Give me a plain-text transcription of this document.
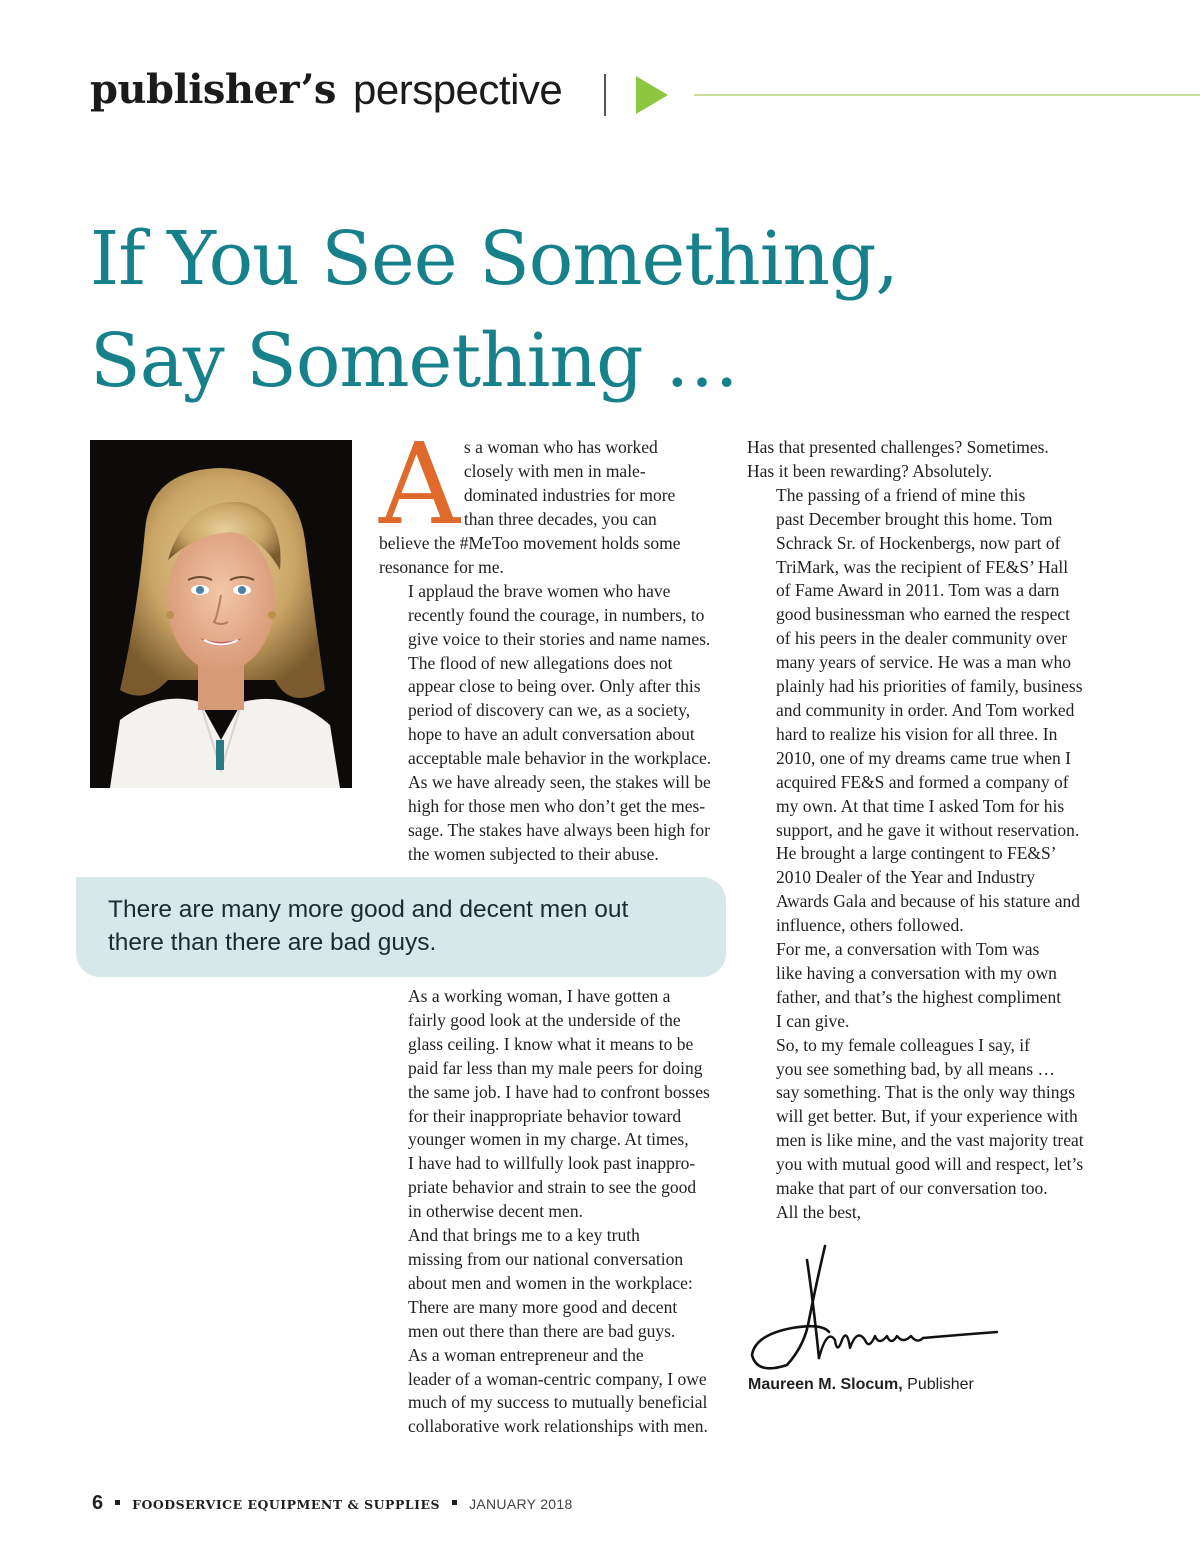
publisher’s perspective
If You See Something,
Say Something …
A s a woman who has worked
closely with men in male-
dominated industries for more
than three decades, you can
believe the #MeToo movement holds some
resonance for me.

I applaud the brave women who have
recently found the courage, in numbers, to
give voice to their stories and name names.

The flood of new allegations does not
appear close to being over. Only after this
period of discovery can we, as a society,
hope to have an adult conversation about
acceptable male behavior in the workplace.
As we have already seen, the stakes will be
high for those men who don’t get the mes-
sage. The stakes have always been high for
the women subjected to their abuse.

There are many more good and decent men out
there than there are bad guys.

As a working woman, I have gotten a
fairly good look at the underside of the
glass ceiling. I know what it means to be
paid far less than my male peers for doing
the same job. I have had to confront bosses
for their inappropriate behavior toward
younger women in my charge. At times,
I have had to willfully look past inappro-
priate behavior and strain to see the good
in otherwise decent men.

And that brings me to a key truth
missing from our national conversation
about men and women in the workplace:
There are many more good and decent
men out there than there are bad guys.

As a woman entrepreneur and the
leader of a woman-centric company, I owe
much of my success to mutually beneficial
collaborative work relationships with men.

Has that presented challenges? Sometimes.
Has it been rewarding? Absolutely.

The passing of a friend of mine this
past December brought this home. Tom
Schrack Sr. of Hockenbergs, now part of
TriMark, was the recipient of FE&S’ Hall
of Fame Award in 2011. Tom was a darn
good businessman who earned the respect
of his peers in the dealer community over
many years of service. He was a man who
plainly had his priorities of family, business
and community in order. And Tom worked
hard to realize his vision for all three. In
2010, one of my dreams came true when I
acquired FE&S and formed a company of
my own. At that time I asked Tom for his
support, and he gave it without reservation.
He brought a large contingent to FE&S’
2010 Dealer of the Year and Industry
Awards Gala and because of his stature and
influence, others followed.

For me, a conversation with Tom was
like having a conversation with my own
father, and that’s the highest compliment
I can give.

So, to my female colleagues I say, if
you see something bad, by all means …
say something. That is the only way things
will get better. But, if your experience with
men is like mine, and the vast majority treat
you with mutual good will and respect, let’s
make that part of our conversation too.

All the best,

Maureen M. Slocum, Publisher
6 FOODSERVICE EQUIPMENT & SUPPLIES JANUARY 2018
